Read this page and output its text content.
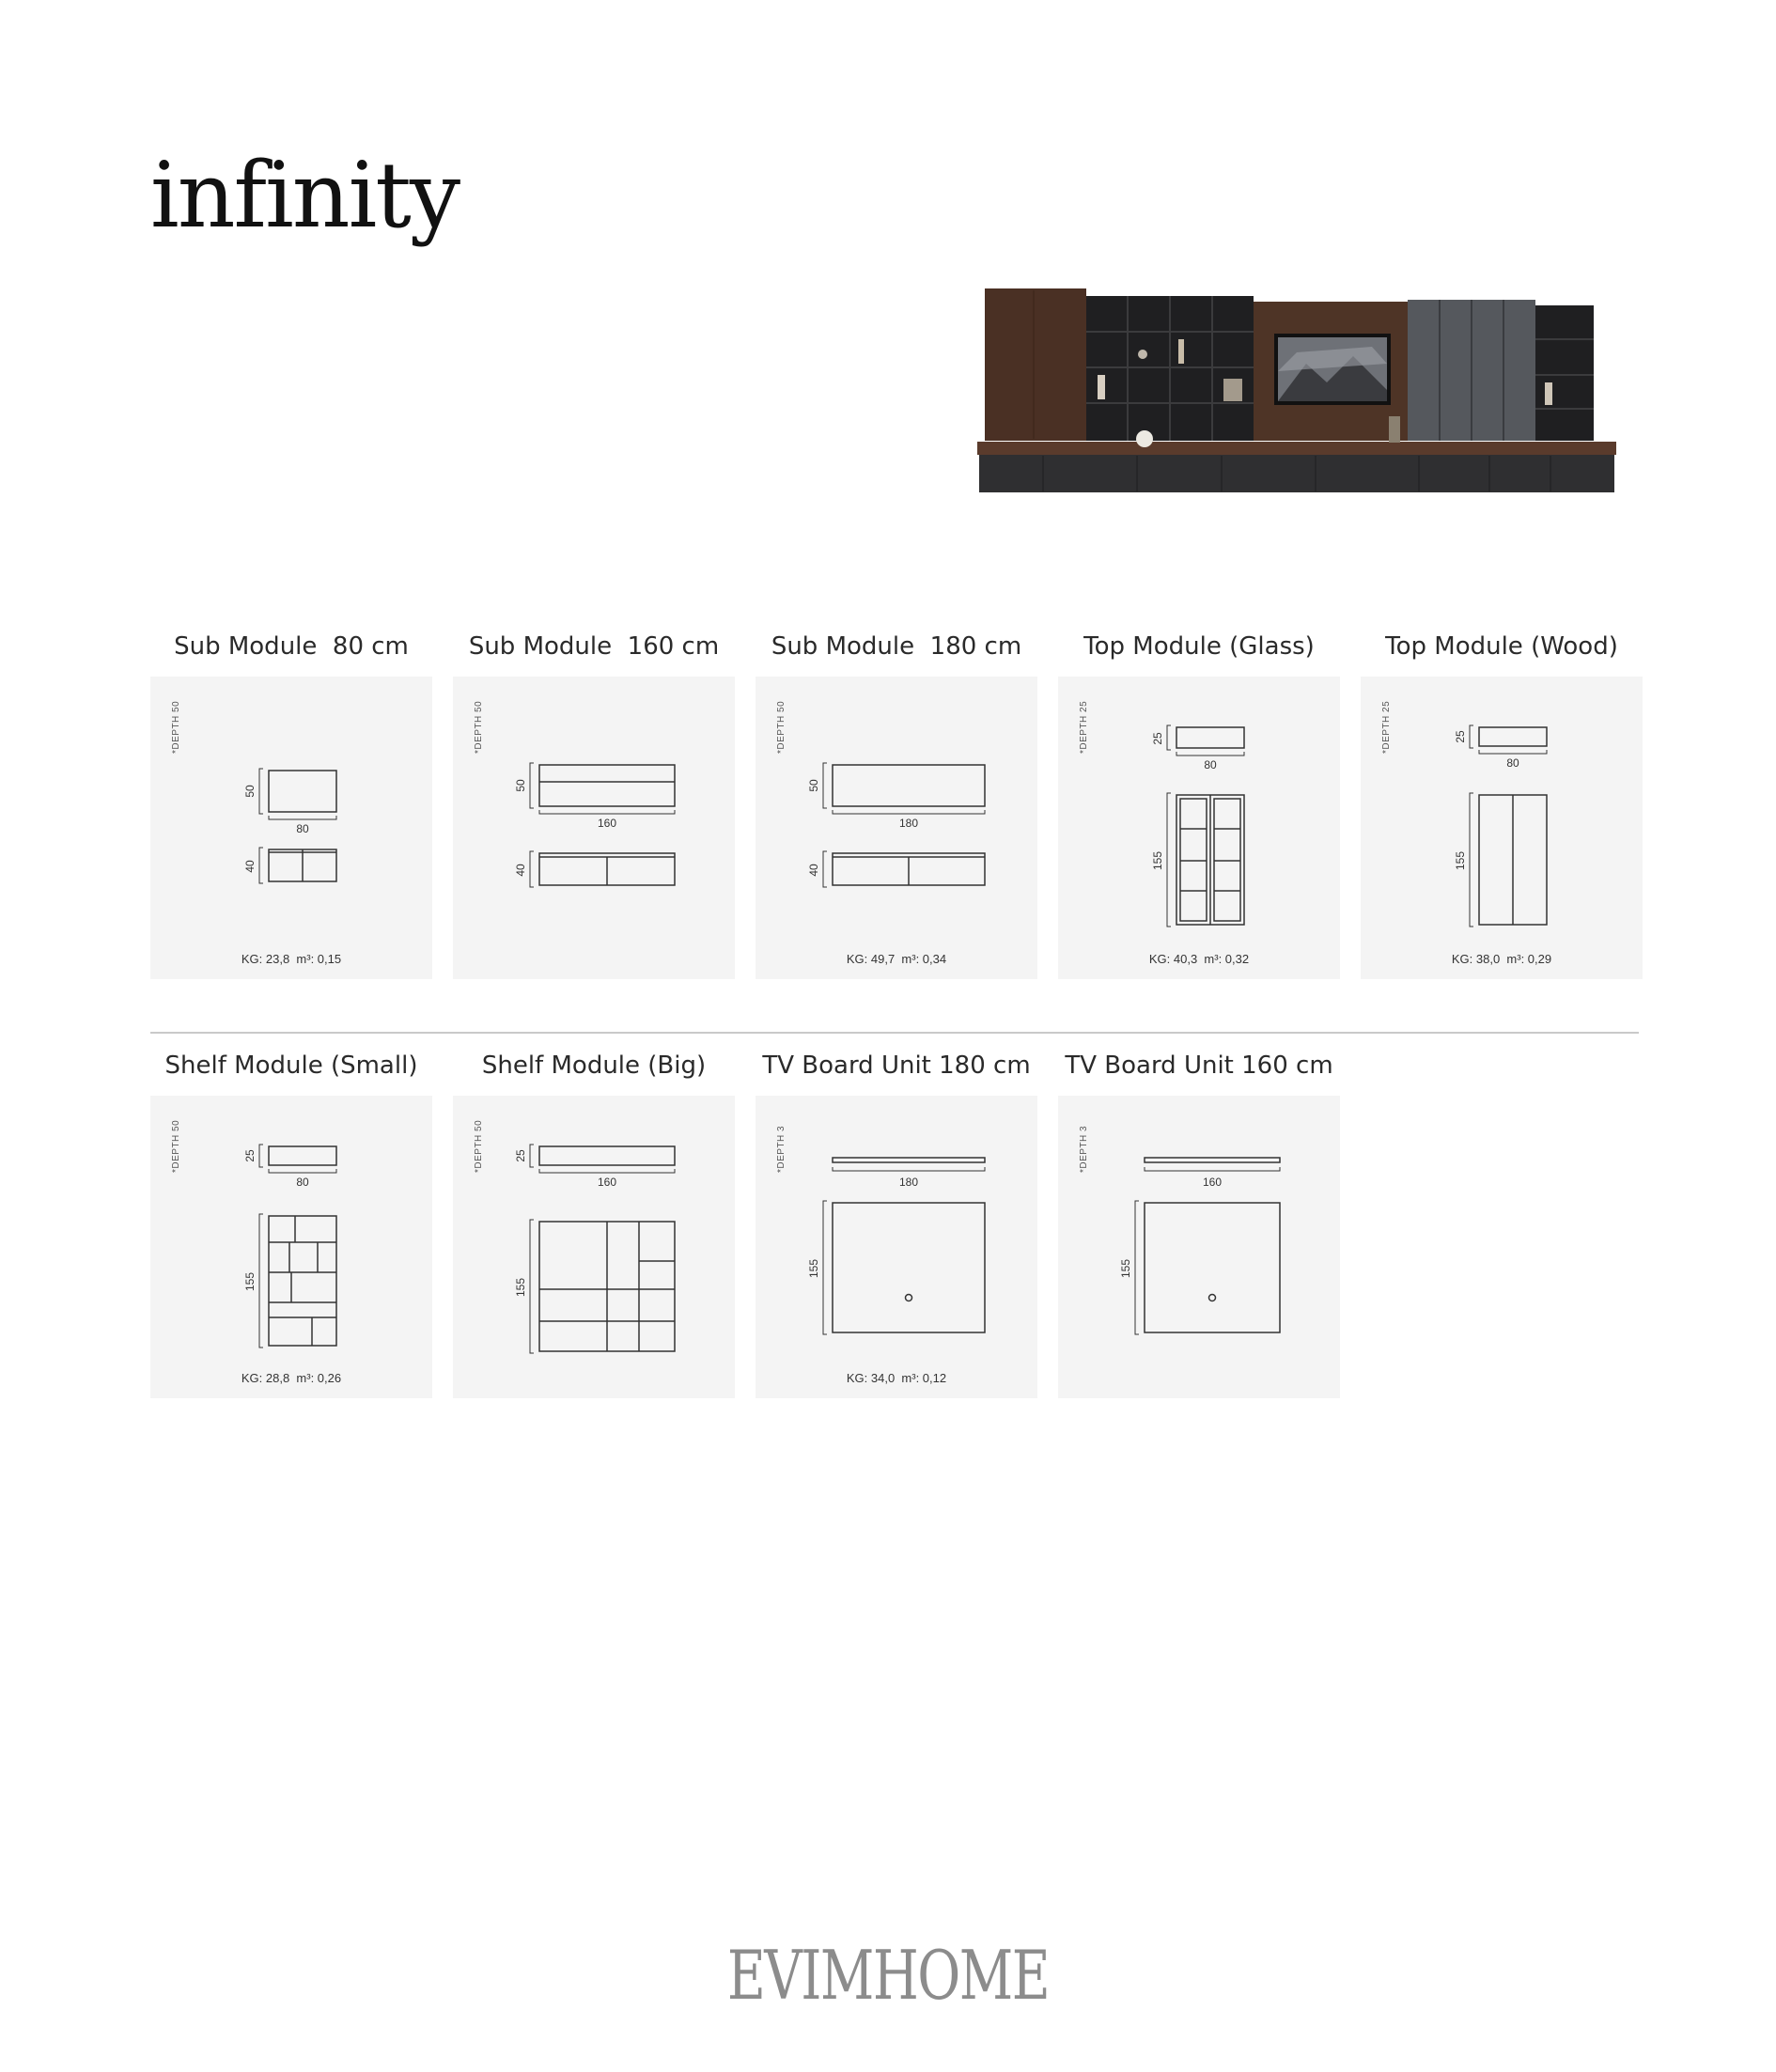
infinity
Sub Module  80 cm
*DEPTH 50
80
50
40
KG: 23,8  m³: 0,15
Sub Module  160 cm
*DEPTH 50
160
50
40
Sub Module  180 cm
*DEPTH 50
180
50
40
KG: 49,7  m³: 0,34
Top Module (Glass)
*DEPTH 25
80
25
155
KG: 40,3  m³: 0,32
Top Module (Wood)
*DEPTH 25
80
25
155
KG: 38,0  m³: 0,29
Shelf Module (Small)
*DEPTH 50
80
25
155
KG: 28,8  m³: 0,26
Shelf Module (Big)
*DEPTH 50
160
25
155
TV Board Unit 180 cm
*DEPTH 3
180
155
KG: 34,0  m³: 0,12
TV Board Unit 160 cm
*DEPTH 3
160
155
EVIMHOME
